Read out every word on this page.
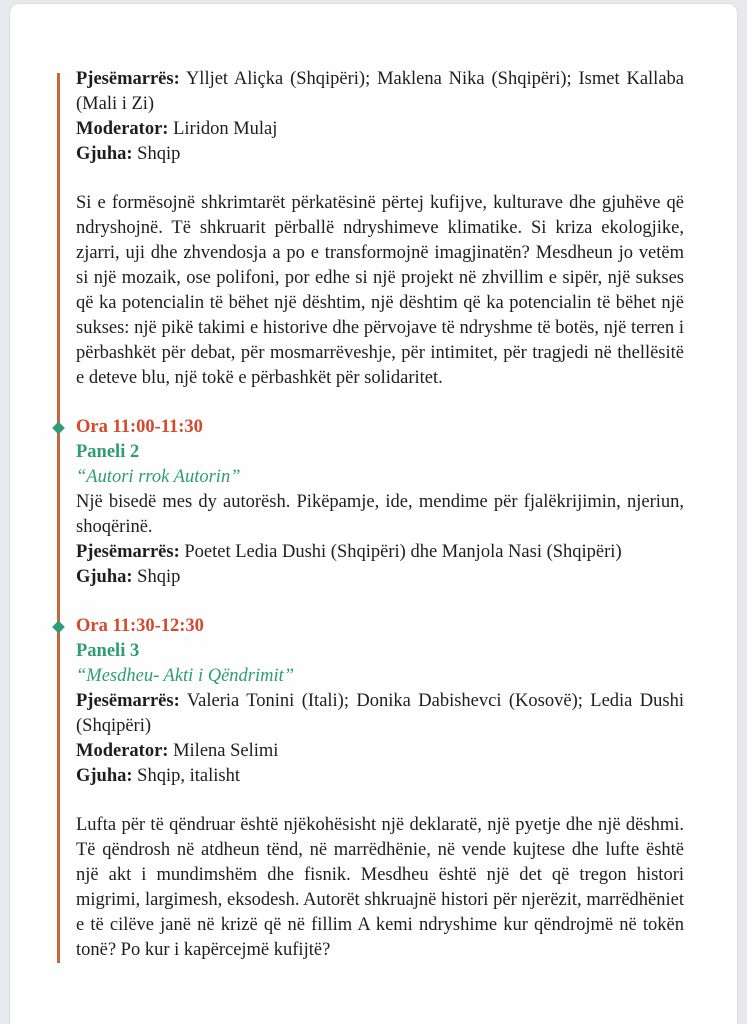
Pjesëmarrës: Ylljet Aliçka (Shqipëri); Maklena Nika (Shqipëri); Ismet Kallaba (Mali i Zi)

Moderator: Liridon Mulaj

Gjuha: Shqip

Si e formësojnë shkrimtarët përkatësinë përtej kufijve, kulturave dhe gjuhëve që ndryshojnë. Të shkruarit përballë ndryshimeve klimatike. Si kriza ekologjike, zjarri, uji dhe zhvendosja a po e transformojnë imagjinatën? Mesdheun jo vetëm si një mozaik, ose polifoni, por edhe si një projekt në zhvillim e sipër, një sukses që ka potencialin të bëhet një dështim, një dështim që ka potencialin të bëhet një sukses: një pikë takimi e historive dhe përvojave të ndryshme të botës, një terren i përbashkët për debat, për mosmarrëveshje, për intimitet, për tragjedi në thellësitë e deteve blu, një tokë e përbashkët për solidaritet.

Ora 11:00-11:30

Paneli 2

“Autori rrok Autorin”

Një bisedë mes dy autorësh. Pikëpamje, ide, mendime për fjalëkrijimin, njeriun, shoqërinë.

Pjesëmarrës: Poetet Ledia Dushi (Shqipëri) dhe Manjola Nasi (Shqipëri)

Gjuha: Shqip

Ora 11:30-12:30

Paneli 3

“Mesdheu- Akti i Qëndrimit”

Pjesëmarrës: Valeria Tonini (Itali); Donika Dabishevci (Kosovë); Ledia Dushi (Shqipëri)

Moderator: Milena Selimi

Gjuha: Shqip, italisht

Lufta për të qëndruar është njëkohësisht një deklaratë, një pyetje dhe një dëshmi. Të qëndrosh në atdheun tënd, në marrëdhënie, në vende kujtese dhe lufte është një akt i mundimshëm dhe fisnik. Mesdheu është një det që tregon histori migrimi, largimesh, eksodesh. Autorët shkruajnë histori për njerëzit, marrëdhëniet e të cilëve janë në krizë që në fillim A kemi ndryshime kur qëndrojmë në tokën tonë? Po kur i kapërcejmë kufijtë?
